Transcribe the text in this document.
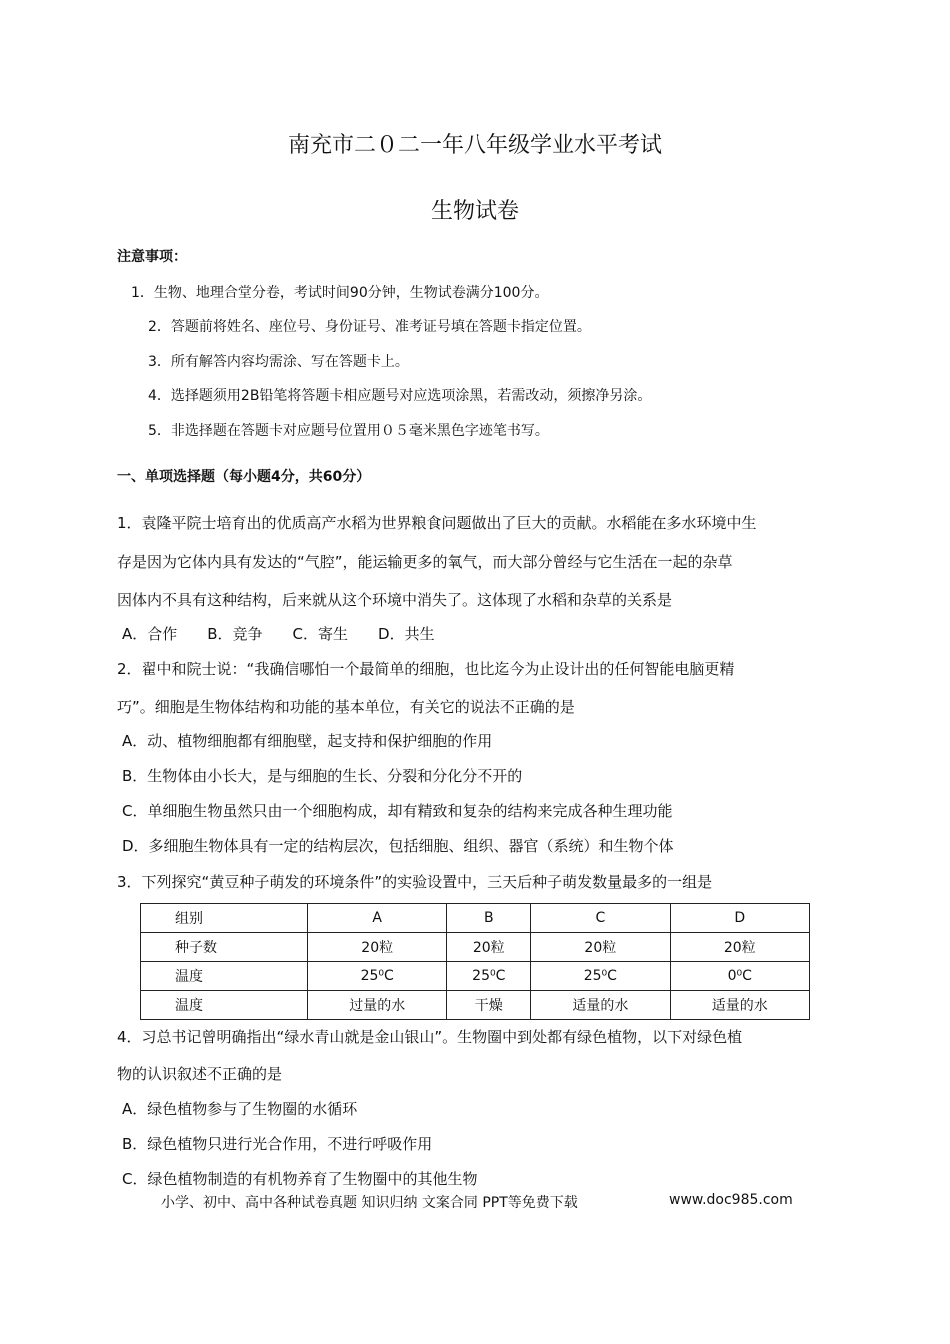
南充市二０二一年八年级学业水平考试
生物试卷
注意事项：
1．生物、地理合堂分卷，考试时间90分钟，生物试卷满分100分。
2．答题前将姓名、座位号、身份证号、准考证号填在答题卡指定位置。
3．所有解答内容均需涂、写在答题卡上。
4．选择题须用2B铅笔将答题卡相应题号对应选项涂黑，若需改动，须擦净另涂。
5．非选择题在答题卡对应题号位置用０５毫米黑色字迹笔书写。
一、单项选择题（每小题4分，共60分）
1．袁隆平院士培育出的优质高产水稻为世界粮食问题做出了巨大的贡献。水稻能在多水环境中生
存是因为它体内具有发达的“气腔”，能运输更多的氧气，而大部分曾经与它生活在一起的杂草
因体内不具有这种结构，后来就从这个环境中消失了。这体现了水稻和杂草的关系是
A．合作　　B．竞争　　C．寄生　　D．共生
2．翟中和院士说：“我确信哪怕一个最简单的细胞，也比迄今为止设计出的任何智能电脑更精
巧”。细胞是生物体结构和功能的基本单位，有关它的说法不正确的是
A．动、植物细胞都有细胞壁，起支持和保护细胞的作用
B．生物体由小长大，是与细胞的生长、分裂和分化分不开的
C．单细胞生物虽然只由一个细胞构成，却有精致和复杂的结构来完成各种生理功能
D．多细胞生物体具有一定的结构层次，包括细胞、组织、器官（系统）和生物个体
3．下列探究“黄豆种子萌发的环境条件”的实验设置中，三天后种子萌发数量最多的一组是
组别	A	B	C	D
种子数	20粒	20粒	20粒	20粒
温度	25⁰C	25⁰C	25⁰C	0⁰C
温度	过量的水	干燥	适量的水	适量的水
4．习总书记曾明确指出“绿水青山就是金山银山”。生物圈中到处都有绿色植物，以下对绿色植
物的认识叙述不正确的是
A．绿色植物参与了生物圈的水循环
B．绿色植物只进行光合作用，不进行呼吸作用
C．绿色植物制造的有机物养育了生物圈中的其他生物
小学、初中、高中各种试卷真题 知识归纳 文案合同 PPT等免费下载	www.doc985.com
